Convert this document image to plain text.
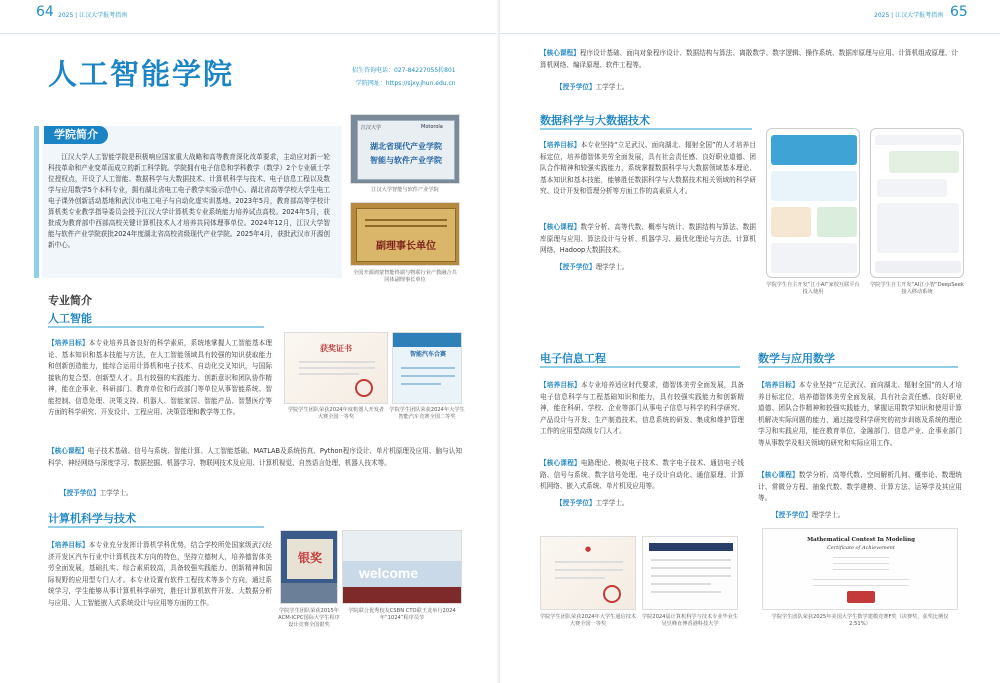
64 2025 | 江汉大学报考指南
人工智能学院	招生咨询电话：027-84227055转801
学院网址：https://sjxy.jhun.edu.cn
学院简介
江汉大学人工智能学院是积极响应国家重大战略和高等教育深化改革要求，主动应对新一轮科技革命和产业变革而成立的新工科学院。学院拥有电子信息和学科教学（数学）2个专业硕士学位授权点，开设了人工智能、数据科学与大数据技术、计算机科学与技术、电子信息工程以及数学与应用数学5个本科专业，拥有湖北省电工电子教学实验示范中心、湖北省高等学校大学生电工电子课外创新活动基地和武汉市电工电子与自动化虚实训基地。2023年5月，教育部高等学校计算机类专业教学指导委员会授予江汉大学计算机类专业系统能力培养试点高校。2024年5月，获批成为教育部中西部高校关键计算机技术人才培养共同体理事单位。2024年12月，江汉大学智能与软件产业学院获批2024年度湖北省高校省级现代产业学院。2025年4月，获批武汉市开源创新中心。
江汉大学	Motorola
湖北省现代产业学院
智能与软件产业学院
江汉大学智能与软件产业学院
副理事长单位
全国开源鸿蒙智能终端与物联行业产教融合共同体副理事长单位
专业简介
人工智能
【培养目标】本专业培养具备良好的科学素质，系统地掌握人工智能基本理论、基本知识和基本技能与方法，在人工智能领域具有较强的知识获取能力和创新创造能力，能综合运用计算机和电子技术、自动化交叉知识，与国际接轨的复合型、创新型人才。具有较强的实践能力、创新意识和团队协作精神，能在企事业、科研部门、教育单位和行政部门等单位从事智能系统、智能控制、信息处理、决策支持、机器人、智能家居、智能产品、智慧医疗等方面的科学研究、开发设计、工程应用、决策管理和教学等工作。
获奖证书
学院学生团队荣获2024年度机器人开发者大赛全国一等奖
智能汽车合赛
学院学生团队荣获2024年大学生智能汽车竞赛全国二等奖
【核心课程】电子技术基础、信号与系统、智能计算、人工智能基础、MATLAB及系统仿真、Python程序设计、单片机原理及应用、脑与认知科学、神经网络与深度学习、数据挖掘、机器学习、物联网技术及应用、计算机视觉、自然语言处理、机器人技术等。
【授予学位】工学学士。
计算机科学与技术
【培养目标】本专业充分发挥计算机学科优势，结合学校所处国家级武汉经济开发区汽车行业中计算机技术方向的特色，坚持立德树人，培养德智体美劳全面发展，基础扎实、综合素质较高，具备较强实践能力、创新精神和国际视野的应用型专门人才。本专业设置有软件工程技术等多个方向，通过系统学习，学生能够从事计算机科学研究，胜任计算机软件开发、大数据分析与应用、人工智能嵌入式系统设计与应用等方面的工作。
银奖
学院学生团队荣获2015年ACM-ICPC国际大学生程序设计竞赛全国银奖
welcome
学院联合优秀校友CSBN CTO联王龙举行2024年“1024”程序员节
2025 | 江汉大学报考指南 65
【核心课程】程序设计基础、面向对象程序设计、数据结构与算法、离散数学、数字逻辑、操作系统、数据库原理与应用、计算机组成原理、计算机网络、编译原理、软件工程等。
【授予学位】工学学士。
数据科学与大数据技术
【培养目标】本专业坚持“立足武汉、面向湖北、辐射全国”的人才培养目标定位，培养德智体美劳全面发展，具有社会责任感、良好职业道德、团队合作精神和较强实践能力，系统掌握数据科学与大数据领域基本理论、基本知识和基本技能，能够胜任数据科学与大数据技术相关领域的科学研究、设计开发和管理分析等方面工作的高素质人才。
【核心课程】数学分析、高等代数、概率与统计、数据结构与算法、数据库原理与应用、算法设计与分析、机器学习、最优化理论与方法、计算机网络、Hadoop大数据技术。
【授予学位】理学学士。
学院学生自主开发“江小AI”家校互联平台投入使用
学院学生自主开发“AI江小智”DeepSeek接入移动系统
电子信息工程
【培养目标】本专业培养适应时代要求，德智体美劳全面发展，具备电子信息科学与工程基础知识和能力，具有较强实践能力和创新精神，能在科研、学校、企业等部门从事电子信息与科学的科学研究、产品设计与开发、生产制造技术、信息系统的研发、集成和维护管理工作的应用型高级专门人才。
【核心课程】电路理论、模拟电子技术、数字电子技术、通信电子线路、信号与系统、数字信号处理、电子设计自动化、通信原理、计算机网络、嵌入式系统、单片机及应用等。
【授予学位】工学学士。
●
学院学生团队荣获2024年大学生通信技术大赛全国一等奖
学院2024届计算机科学与技术专业毕业生吴昱峰直博香港科技大学
数学与应用数学
【培养目标】本专业坚持“立足武汉、面向湖北、辐射全国”的人才培养目标定位，培养德智体美劳全面发展，具有社会责任感、良好职业道德、团队合作精神和较强实践能力，掌握运用数学知识和使用计算机解决实际问题的能力，通过接受科学研究的初步训练及系统的理论学习和实践应用，能在教育单位、金融部门、信息产业、企事业部门等从事数学及相关领域的研究和实际应用工作。
【核心课程】数学分析、高等代数、空间解析几何、概率论、数理统计、常微分方程、抽象代数、数学建模、计算方法、运筹学及其应用等。
【授予学位】理学学士。
Mathematical Contest In Modeling
Certificate of Achievement
学院学生团队荣获2025年美国大学生数学建模竞赛F奖（决赛奖，获奖比例仅2.51%）
